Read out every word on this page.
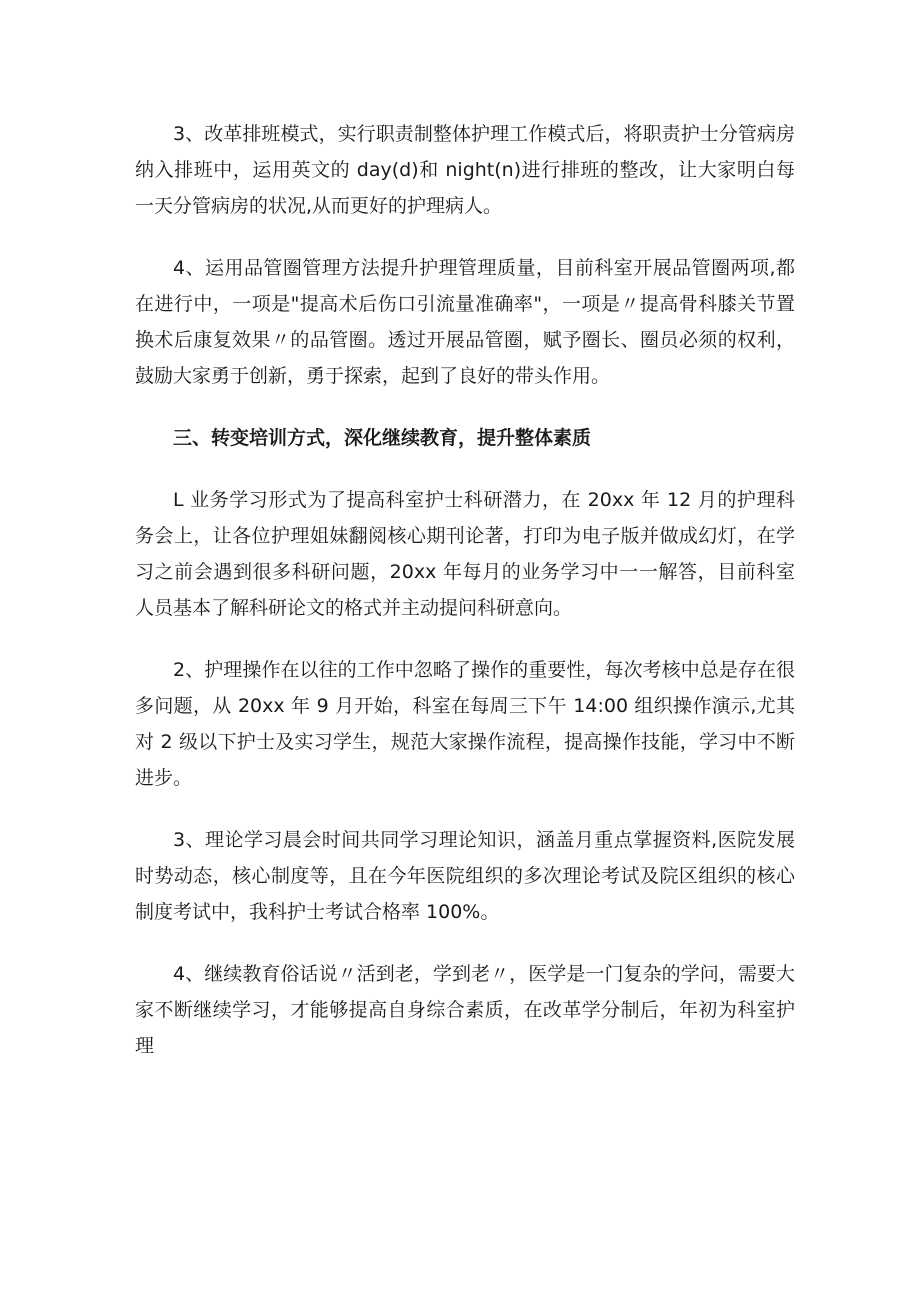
3、改革排班模式，实行职责制整体护理工作模式后，将职责护士分管病房纳入排班中，运用英文的 day(d)和 night(n)进行排班的整改，让大家明白每一天分管病房的状况,从而更好的护理病人。

4、运用品管圈管理方法提升护理管理质量，目前科室开展品管圈两项,都在进行中，一项是"提高术后伤口引流量准确率"，一项是〃提高骨科膝关节置换术后康复效果〃的品管圈。透过开展品管圈，赋予圈长、圈员必须的权利，鼓励大家勇于创新，勇于探索，起到了良好的带头作用。

三、转变培训方式，深化继续教育，提升整体素质

L 业务学习形式为了提高科室护士科研潜力，在 20xx 年 12 月的护理科务会上，让各位护理姐妹翻阅核心期刊论著，打印为电子版并做成幻灯，在学习之前会遇到很多科研问题，20xx 年每月的业务学习中一一解答，目前科室人员基本了解科研论文的格式并主动提问科研意向。

2、护理操作在以往的工作中忽略了操作的重要性，每次考核中总是存在很多问题，从 20xx 年 9 月开始，科室在每周三下午 14:00 组织操作演示,尤其对 2 级以下护士及实习学生，规范大家操作流程，提高操作技能，学习中不断进步。

3、理论学习晨会时间共同学习理论知识，涵盖月重点掌握资料,医院发展时势动态，核心制度等，且在今年医院组织的多次理论考试及院区组织的核心制度考试中，我科护士考试合格率 100%。

4、继续教育俗话说〃活到老，学到老〃，医学是一门复杂的学问，需要大家不断继续学习，才能够提高自身综合素质，在改革学分制后，年初为科室护理
